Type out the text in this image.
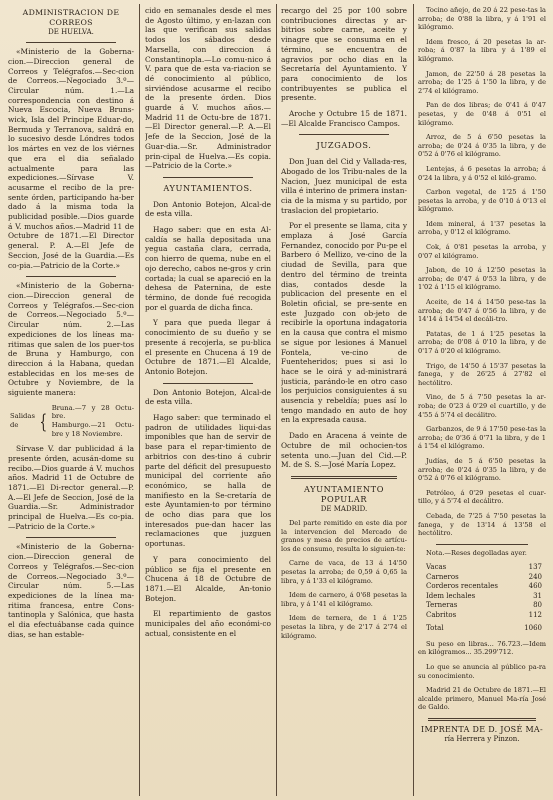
ADMINISTRACION DE CORREOS
DE HUELVA.

«Ministerio de la Goberna-cion.—Direccion general de Correos y Telégrafos.—Sec-cion de Correos.—Negociado 3.º—Circular núm. 1.—La correspondencia con destino á Nueva Escocia, Nueva Bruns-wick, Isla del Principe Eduar-do, Bermuda y Terranova, saldrá en lo sucesivo desde Lóndres todos los mártes en vez de los viérnes que era el dia señalado actualmente para las expediciones.—Sírvase V. acusarme el recibo de la pre-sente órden, participando ha-ber dado á la misma toda la publicidad posible.—Dios guarde á V. muchos años.—Madrid 11 de Octubre de 1871.—El Director general. P. A.—El Jefe de Seccion, José de la Guardia.—Es co-pia.—Patricio de la Corte.»

«Ministerio de la Goberna-cion.—Direccion general de Correos y Telégrafos.—Sec-cion de Correos.—Negociado 5.º—Circular núm. 2.—Las expediciones de los líneas ma-ritimas que salen de los puer-tos de Bruna y Hamburgo, con direccion á la Habana, quedan establecidas en los me-ses de Octubre y Noviembre, de la siguiente manera:

Salidas de	{
Bruna.—7 y 28 Octu-bre.
Hamburgo.—21 Octu-bre y 18 Noviembre.

Sírvase V. dar publicidad á la presente órden, acusán-dome su recibo.—Dios guarde á V. muchos años. Madrid 11 de Octubre de 1871.—El Di-rector general.—P. A.—El Jefe de Seccion, José de la Guardia.—Sr. Administrador principal de Huelva.—Es co-pia.—Patricio de la Corte.»

«Ministerio de la Goberna-cion.—Direccion general de Correos y Telégrafos.—Sec-cion de Correos.—Negociado 3.º—Circular núm. 5.—Las expediciones de la línea ma-ritima francesa, entre Cons-tantinopla y Salónica, que hasta el dia efectuábanse cada quince dias, se han estable-

cido en semanales desde el mes de Agosto último, y en-lazan con las que verifican sus salidas todos los sábados desde Marsella, con direccion á Constantinopla.—Lo comu-nico á V. para que de esta va-riacion se dé conocimiento al público, sirviéndose acusarme el recibo de la presente órden. Dios guarde á V. muchos años.—Madrid 11 de Octu-bre de 1871.—El Director general.—P. A.—El Jefe de la Seccion, José de la Guar-dia.—Sr. Administrador prin-cipal de Huelva.—Es copia.—Patricio de la Corte.»

AYUNTAMIENTOS.

Don Antonio Botejon, Alcal-de de esta villa.

Hago saber: que en esta Al-caldía se halla depositada una yegua castaña clara, cerrada, con hierro de quema, nube en el ojo derecho, cabos ne-gros y crin cortada; la cual se apareció en la dehesa de Paternina, de este término, de donde fué recogida por el guarda de dicha finca.

Y para que pueda llegar á conocimiento de su dueño y se presente á recojerla, se pu-blica el presente en Chucena á 19 de Octubre de 1871.—El Alcalde, Antonio Botejon.

Don Antonio Botejon, Alcal-de de esta villa.

Hago saber: que terminado el padron de utilidades liqui-das imponibles que han de servir de base para el repar-timiento de arbitrios con des-tino á cubrir parte del déficit del presupuesto municipal del corriente año económico, se halla de manifiesto en la Se-cretaría de este Ayuntamien-to por término de ocho dias para que los interesados pue-dan hacer las reclamaciones que juzguen oportunas.

Y para conocimiento del público se fija el presente en Chucena á 18 de Octubre de 1871.—El Alcalde, An-tonio Botejon.

El repartimiento de gastos municipales del año económi-co actual, consistente en el

recargo del 25 por 100 sobre contribuciones directas y ar-bitrios sobre carne, aceite y vinagre que se consuma en el término, se encuentra de agravios por ocho dias en la Secretaría del Ayuntamiento. Y para conocimiento de los contribuyentes se publica el presente.

Aroche y Octubre 15 de 1871.—El Alcalde Francisco Campos.

JUZGADOS.

Don Juan del Cid y Vallada-res, Abogado de los Tribu-nales de la Nacion, Juez municipal de esta villa é interino de primera instan-cia de la misma y su partido, por traslacion del propietario.

Por el presente se llama, cita y emplaza á José García Fernandez, conocido por Pu-pe el Barbero ó Mellizo, ve-cino de la ciudad de Sevilla, para que dentro del término de treinta dias, contados desde la publicacion del presente en el Boletin oficial, se pre-sente en este Juzgado con ob-jeto de recibirle la oportuna indagatoria en la causa que contra el mismo se sigue por lesiones á Manuel Fontela, ve-cino de Fuenteheridos; pues si asi lo hace se le oirá y ad-ministrará justicia, parándo-le en otro caso los perjuicios consiguientes á su ausencia y rebeldía; pues así lo tengo mandado en auto de hoy en la expresada causa.

Dado en Aracena á veinte de Octubre de mil ochocien-tos setenta uno.—Juan del Cid.—P. M. de S. S.—José María Lopez.

AYUNTAMIENTO POPULAR
DE MADRID.

Del parte remitido en este dia por la intervencion del Mercado de granos y mesa de precios de artícu-los de consumo, resulta lo siguien-te:

Carne de vaca, de 13 á 14'50 pesetas la arroba; de 0,59 á 0,65 la libra, y á 1'33 el kilógramo.

Idem de carnero, á 0'68 pesetas la libra, y á 1'41 el kilógramo.

Idem de ternera, de 1 á 1'25 pesetas la libra, y de 2'17 á 2'74 el kilógramo.

Tocino añejo, de 20 á 22 pese-tas la arroba; de 0'88 la libra, y á 1'91 el kilógramo.

Idem fresco, á 20 pesetas la ar-roba; á 0'87 la libra y á 1'89 el kilógramo.

Jamon, de 22'50 á 28 pesetas la arroba; de 1'25 á 1'50 la libra, y de 2'74 el kilógramo.

Pan de dos libras; de 0'41 á 0'47 pesetas, y de 0'48 á 0'51 el kilógramo.

Arroz, de 5 á 6'50 pesetas la arroba; de 0'24 á 0'35 la libra, y de 0'52 á 0'76 el kilógramo.

Lentejas, á 6 pesetas la arroba; á 0'24 la libra, y á 0'52 el kiló-gramo.

Carbon vegetal, de 1'25 á 1'50 pesetas la arroba, y de 0'10 á 0'13 el kilógramo.

Idem mineral, á 1'37 pesetas la arroba, y 0'12 el kilógramo.

Cok, á 0'81 pesetas la arroba, y 0'07 el kilógramo.

Jabon, de 10 á 12'50 pesetas la arroba; de 0'47 á 0'53 la libra, y de 1'02 á 1'15 el kilógramo.

Aceite, de 14 á 14'50 pese-tas la arroba; de 0'47 á 0'56 la libra, y de 14'14 á 14'54 el decáli-tro.

Patatas, de 1 á 1'25 pesetas la arroba; de 0'08 á 0'10 la libra, y de 0'17 á 0'20 el kilógramo.

Trigo, de 14'50 á 15'37 pesetas la fanega, y de 26'25 á 27'82 el hectólitro.

Vino, de 5 á 7'50 pesetas la ar-roba; de 0'23 á 0'29 el cuartillo, y de 4'55 á 5'74 el decálitro.

Garbanzos, de 9 á 17'50 pese-tas la arroba; de 0'36 á 0'71 la libra, y de 1 á 1'54 el kilógramo.

Judías, de 5 á 6'50 pesetas la arroba; de 0'24 á 0'35 la libra, y de 0'52 á 0'76 el kilógramo.

Petróleo, á 0'29 pesetas el cuar-tillo, y á 5'74 el decálitro.

Cebada, de 7'25 á 7'50 pesetas la fanega, y de 13'14 á 13'58 el hectólitro.

Nota.—Reses degolladas ayer.

Vacas	137
Carneros	240
Corderos recentales	460
Idem lechales	31
Terneras	80
Cabritos	112
Total	1060

Su peso en libras... 76.723.—Idem en kilógramos... 35.299'712.

Lo que se anuncia al público pa-ra su conocimiento.

Madrid 21 de Octubre de 1871.—El alcalde primero, Manuel Ma-ría José de Galdo.

IMPRENTA DE D. JOSÉ MA-
ría Herrera y Pinzon.
